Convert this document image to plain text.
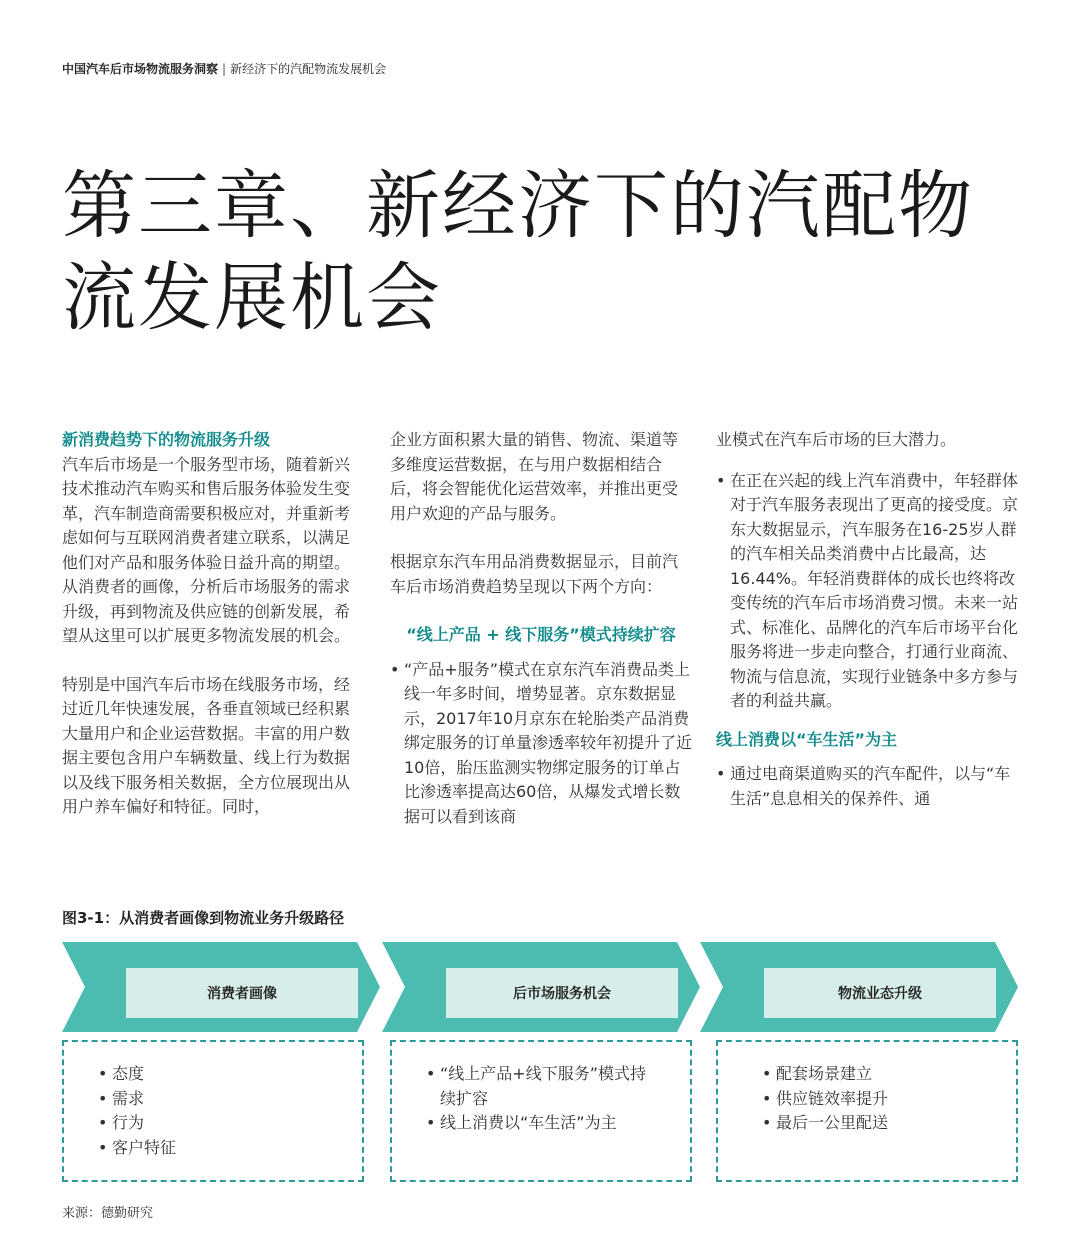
中国汽车后市场物流服务洞察 | 新经济下的汽配物流发展机会
第三章、新经济下的汽配物
流发展机会
新消费趋势下的物流服务升级

汽车后市场是一个服务型市场，随着新兴技术推动汽车购买和售后服务体验发生变革，汽车制造商需要积极应对，并重新考虑如何与互联网消费者建立联系，以满足他们对产品和服务体验日益升高的期望。从消费者的画像，分析后市场服务的需求升级，再到物流及供应链的创新发展，希望从这里可以扩展更多物流发展的机会。

特别是中国汽车后市场在线服务市场，经过近几年快速发展，各垂直领域已经积累大量用户和企业运营数据。丰富的用户数据主要包含用户车辆数量、线上行为数据以及线下服务相关数据，全方位展现出从用户养车偏好和特征。同时，

企业方面积累大量的销售、物流、渠道等多维度运营数据，在与用户数据相结合后，将会智能优化运营效率，并推出更受用户欢迎的产品与服务。

根据京东汽车用品消费数据显示，目前汽车后市场消费趋势呈现以下两个方向：

“线上产品 + 线下服务”模式持续扩容
• “产品+服务”模式在京东汽车消费品类上线一年多时间，增势显著。京东数据显示，2017年10月京东在轮胎类产品消费绑定服务的订单量渗透率较年初提升了近10倍，胎压监测实物绑定服务的订单占比渗透率提高达60倍，从爆发式增长数据可以看到该商

业模式在汽车后市场的巨大潜力。

• 在正在兴起的线上汽车消费中，年轻群体对于汽车服务表现出了更高的接受度。京东大数据显示，汽车服务在16-25岁人群的汽车相关品类消费中占比最高，达16.44%。年轻消费群体的成长也终将改变传统的汽车后市场消费习惯。未来一站式、标准化、品牌化的汽车后市场平台化服务将进一步走向整合，打通行业商流、物流与信息流，实现行业链条中多方参与者的利益共赢。
线上消费以“车生活”为主
• 通过电商渠道购买的汽车配件，以与“车生活”息息相关的保养件、通
图3-1：从消费者画像到物流业务升级路径
消费者画像	后市场服务机会	物流业态升级
• 态度
• 需求
• 行为
• 客户特征
• “线上产品+线下服务”模式持续扩容
• 线上消费以“车生活”为主
• 配套场景建立
• 供应链效率提升
• 最后一公里配送
来源：德勤研究
